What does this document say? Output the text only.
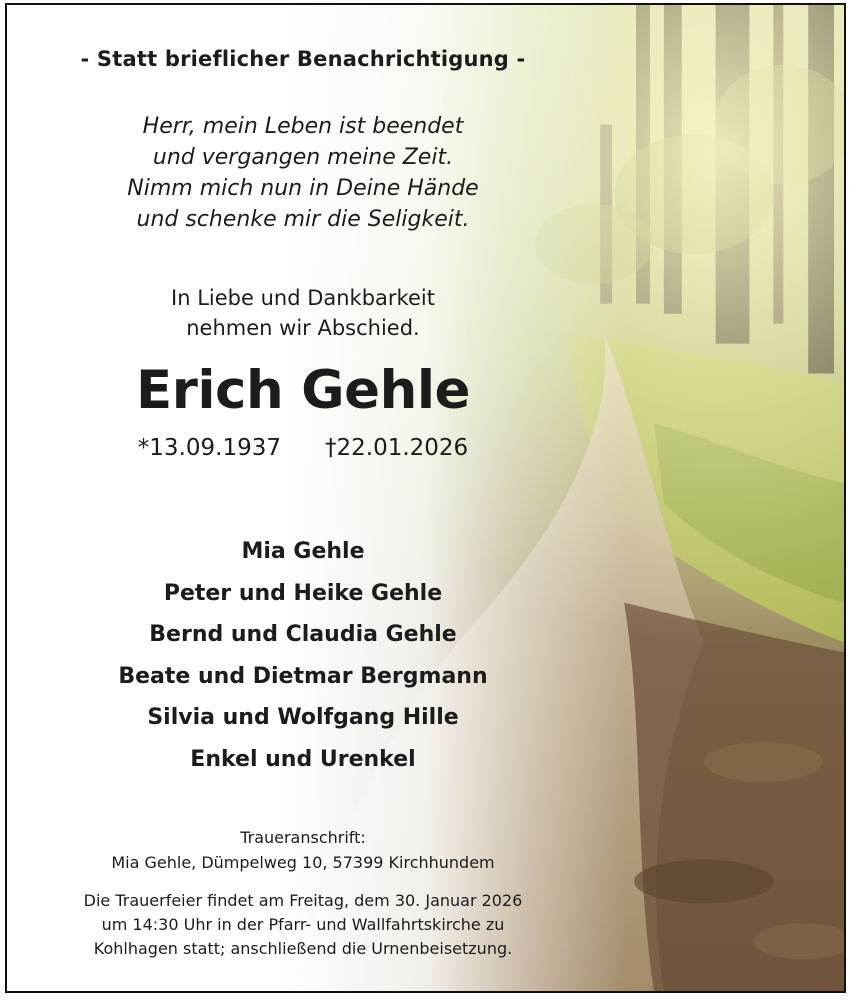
- Statt brieflicher Benachrichtigung -
Herr, mein Leben ist beendet
und vergangen meine Zeit.
Nimm mich nun in Deine Hände
und schenke mir die Seligkeit.
In Liebe und Dankbarkeit
nehmen wir Abschied.
Erich Gehle
*13.09.1937 †22.01.2026
Mia Gehle
Peter und Heike Gehle
Bernd und Claudia Gehle
Beate und Dietmar Bergmann
Silvia und Wolfgang Hille
Enkel und Urenkel
Traueranschrift:
Mia Gehle, Dümpelweg 10, 57399 Kirchhundem
Die Trauerfeier findet am Freitag, dem 30. Januar 2026
um 14:30 Uhr in der Pfarr- und Wallfahrtskirche zu
Kohlhagen statt; anschließend die Urnenbeisetzung.
